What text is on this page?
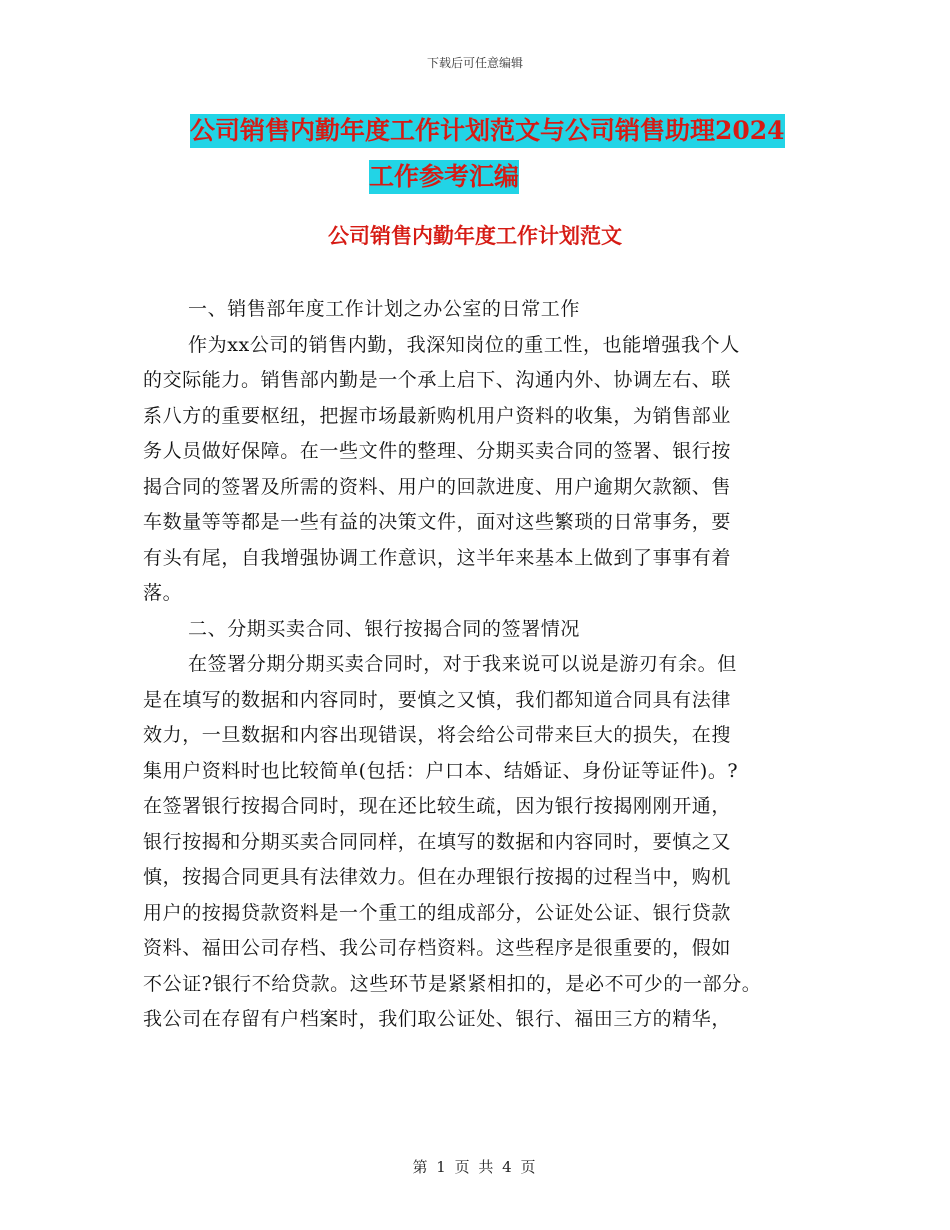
下载后可任意编辑
公司销售内勤年度工作计划范文与公司销售助理2024
工作参考汇编
公司销售内勤年度工作计划范文
一、销售部年度工作计划之办公室的日常工作
作为xx公司的销售内勤，我深知岗位的重工性，也能增强我个人
的交际能力。销售部内勤是一个承上启下、沟通内外、协调左右、联
系八方的重要枢纽，把握市场最新购机用户资料的收集，为销售部业
务人员做好保障。在一些文件的整理、分期买卖合同的签署、银行按
揭合同的签署及所需的资料、用户的回款进度、用户逾期欠款额、售
车数量等等都是一些有益的决策文件，面对这些繁琐的日常事务，要
有头有尾，自我增强协调工作意识，这半年来基本上做到了事事有着
落。
二、分期买卖合同、银行按揭合同的签署情况
在签署分期分期买卖合同时，对于我来说可以说是游刃有余。但
是在填写的数据和内容同时，要慎之又慎，我们都知道合同具有法律
效力，一旦数据和内容出现错误，将会给公司带来巨大的损失，在搜
集用户资料时也比较简单(包括：户口本、结婚证、身份证等证件)。?
在签署银行按揭合同时，现在还比较生疏，因为银行按揭刚刚开通，
银行按揭和分期买卖合同同样，在填写的数据和内容同时，要慎之又
慎，按揭合同更具有法律效力。但在办理银行按揭的过程当中，购机
用户的按揭贷款资料是一个重工的组成部分，公证处公证、银行贷款
资料、福田公司存档、我公司存档资料。这些程序是很重要的，假如
不公证?银行不给贷款。这些环节是紧紧相扣的，是必不可少的一部分。
我公司在存留有户档案时，我们取公证处、银行、福田三方的精华，
第 1 页 共 4 页
